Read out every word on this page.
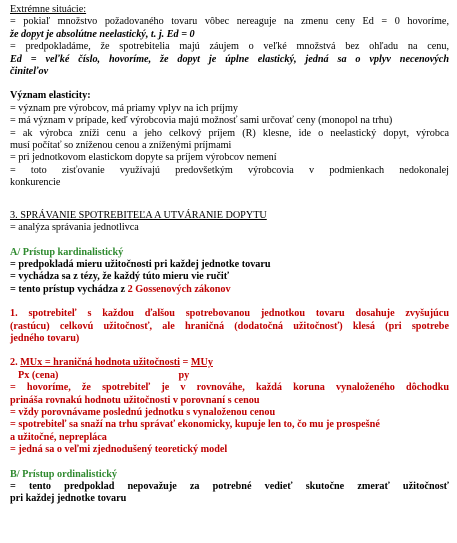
Extrémne situácie:
= pokiaľ množstvo požadovaného tovaru vôbec nereaguje na zmenu ceny Ed = 0 hovoríme,
že dopyt je absolútne neelastický, t. j. Ed = 0
= predpokladáme, že spotrebitelia majú záujem o veľké množstvá bez ohľadu na cenu,
Ed = veľké číslo, hovoríme, že dopyt je úplne elastický, jedná sa o vplyv necenových
činiteľov
Význam elasticity:
= význam pre výrobcov, má priamy vplyv na ich príjmy
= má význam v prípade, keď výrobcovia majú možnosť sami určovať ceny (monopol na trhu)
= ak výrobca zníži cenu a jeho celkový príjem (R) klesne, ide o neelastický dopyt, výrobca
musí počítať so zníženou cenou a zníženými príjmami
= pri jednotkovom elastickom dopyte sa príjem výrobcov nemení
= toto zisťovanie využívajú predovšetkým výrobcovia v podmienkach nedokonalej
konkurencie
3. SPRÁVANIE SPOTREBITEĽA A UTVÁRANIE DOPYTU
= analýza správania jednotlivca
A/ Prístup kardinalistický
= predpokladá mieru užitočnosti pri každej jednotke tovaru
= vychádza sa z tézy, že každý túto mieru vie ručiť
= tento prístup vychádza z 2 Gossenových zákonov
1. spotrebiteľ s každou ďalšou spotrebovanou jednotkou tovaru dosahuje zvyšujúcu
(rastúcu) celkovú užitočnosť, ale hraničná (dodatočná užitočnosť) klesá (pri spotrebe
jedného tovaru)
2. MUx = hraničná hodnota užitočnosti = MUy
Px (cena)	py
= hovoríme, že spotrebiteľ je v rovnováhe, každá koruna vynaloženého dôchodku
prináša rovnakú hodnotu užitočnosti v porovnaní s cenou
= vždy porovnávame poslednú jednotku s vynaloženou cenou
= spotrebiteľ sa snaží na trhu správať ekonomicky, kupuje len to, čo mu je prospešné
a užitočné, neprepláca
= jedná sa o veľmi zjednodušený teoretický model
B/ Prístup ordinalistický
= tento predpoklad nepovažuje za potrebné vedieť skutočne zmerať užitočnosť
pri každej jednotke tovaru
